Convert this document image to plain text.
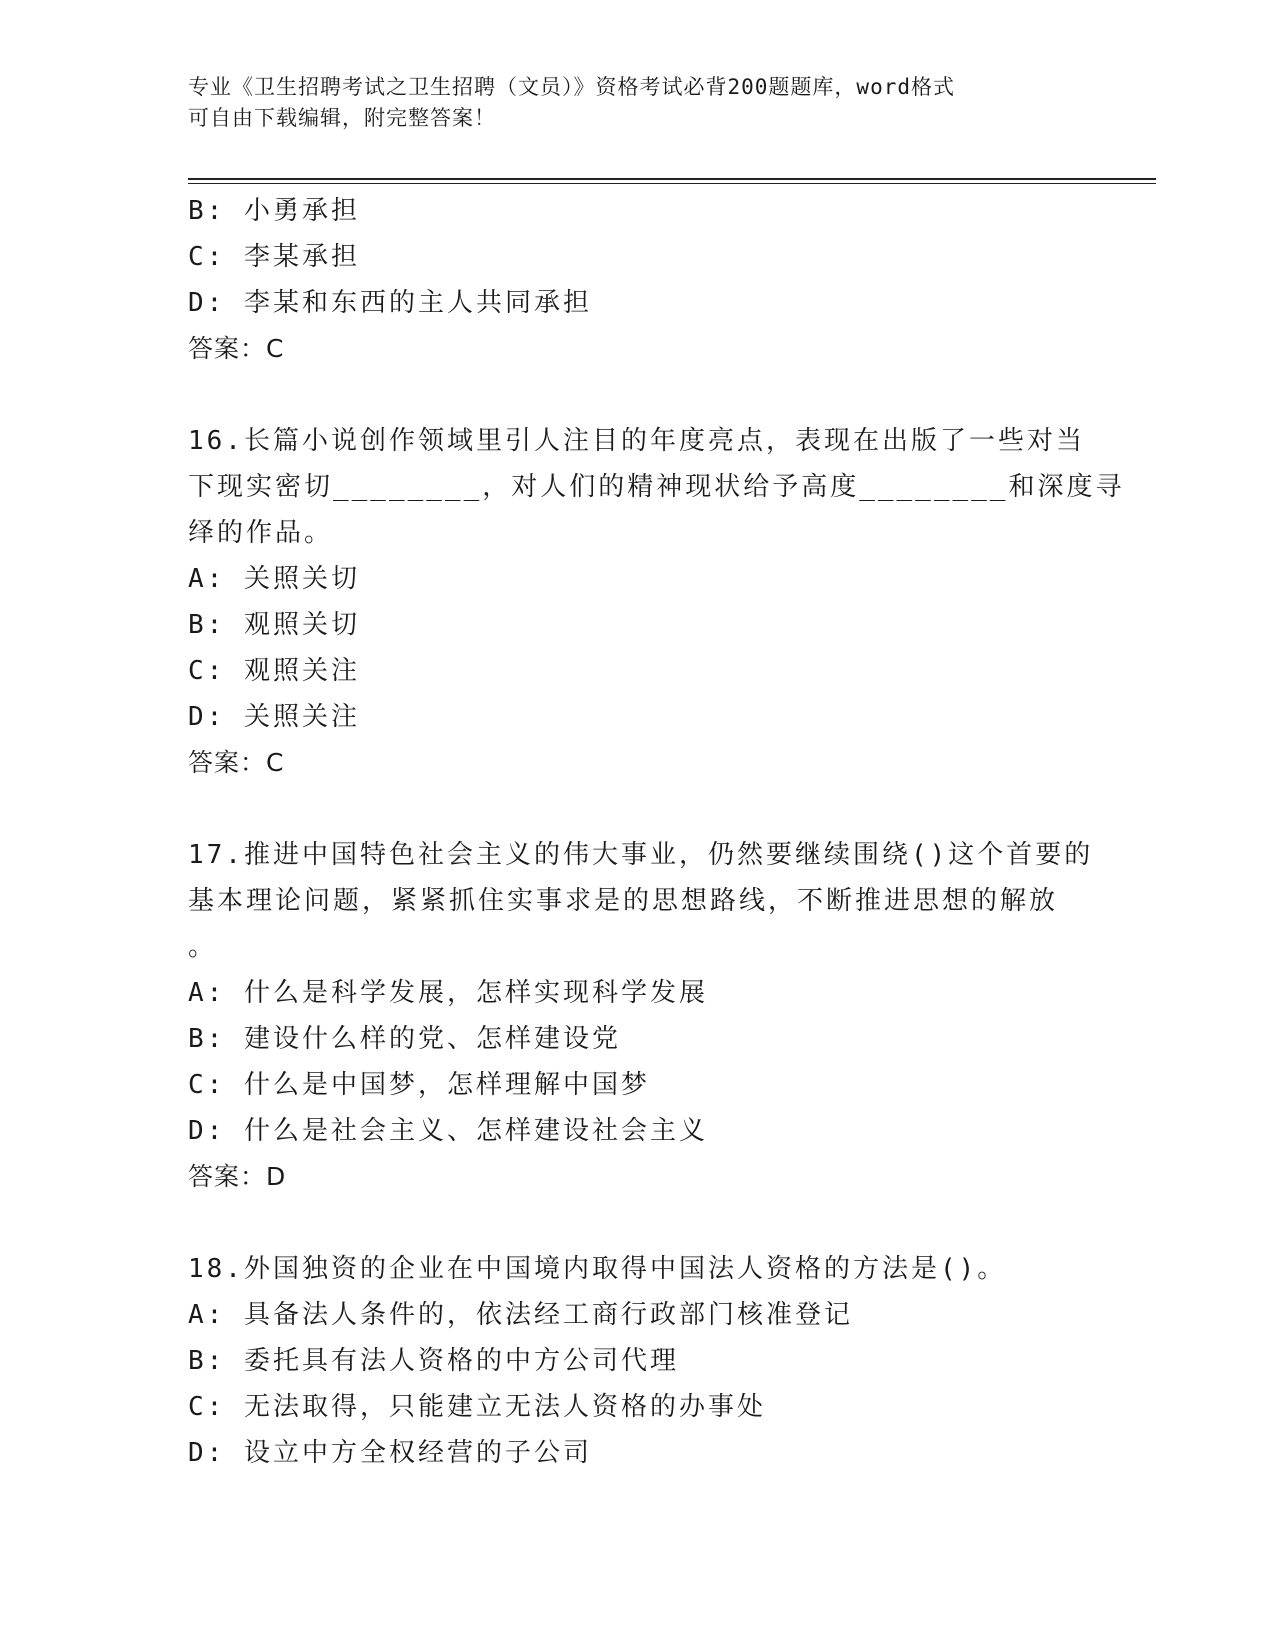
专业《卫生招聘考试之卫生招聘（文员）》资格考试必背200题题库，word格式
可自由下载编辑，附完整答案！
B: 小勇承担
C: 李某承担
D: 李某和东西的主人共同承担
答案：C
16.长篇小说创作领域里引人注目的年度亮点，表现在出版了一些对当
下现实密切________，对人们的精神现状给予高度________和深度寻
绎的作品。
A: 关照关切
B: 观照关切
C: 观照关注
D: 关照关注
答案：C
17.推进中国特色社会主义的伟大事业，仍然要继续围绕()这个首要的
基本理论问题，紧紧抓住实事求是的思想路线，不断推进思想的解放
。
A: 什么是科学发展，怎样实现科学发展
B: 建设什么样的党、怎样建设党
C: 什么是中国梦，怎样理解中国梦
D: 什么是社会主义、怎样建设社会主义
答案：D
18.外国独资的企业在中国境内取得中国法人资格的方法是()。
A: 具备法人条件的，依法经工商行政部门核准登记
B: 委托具有法人资格的中方公司代理
C: 无法取得，只能建立无法人资格的办事处
D: 设立中方全权经营的子公司
